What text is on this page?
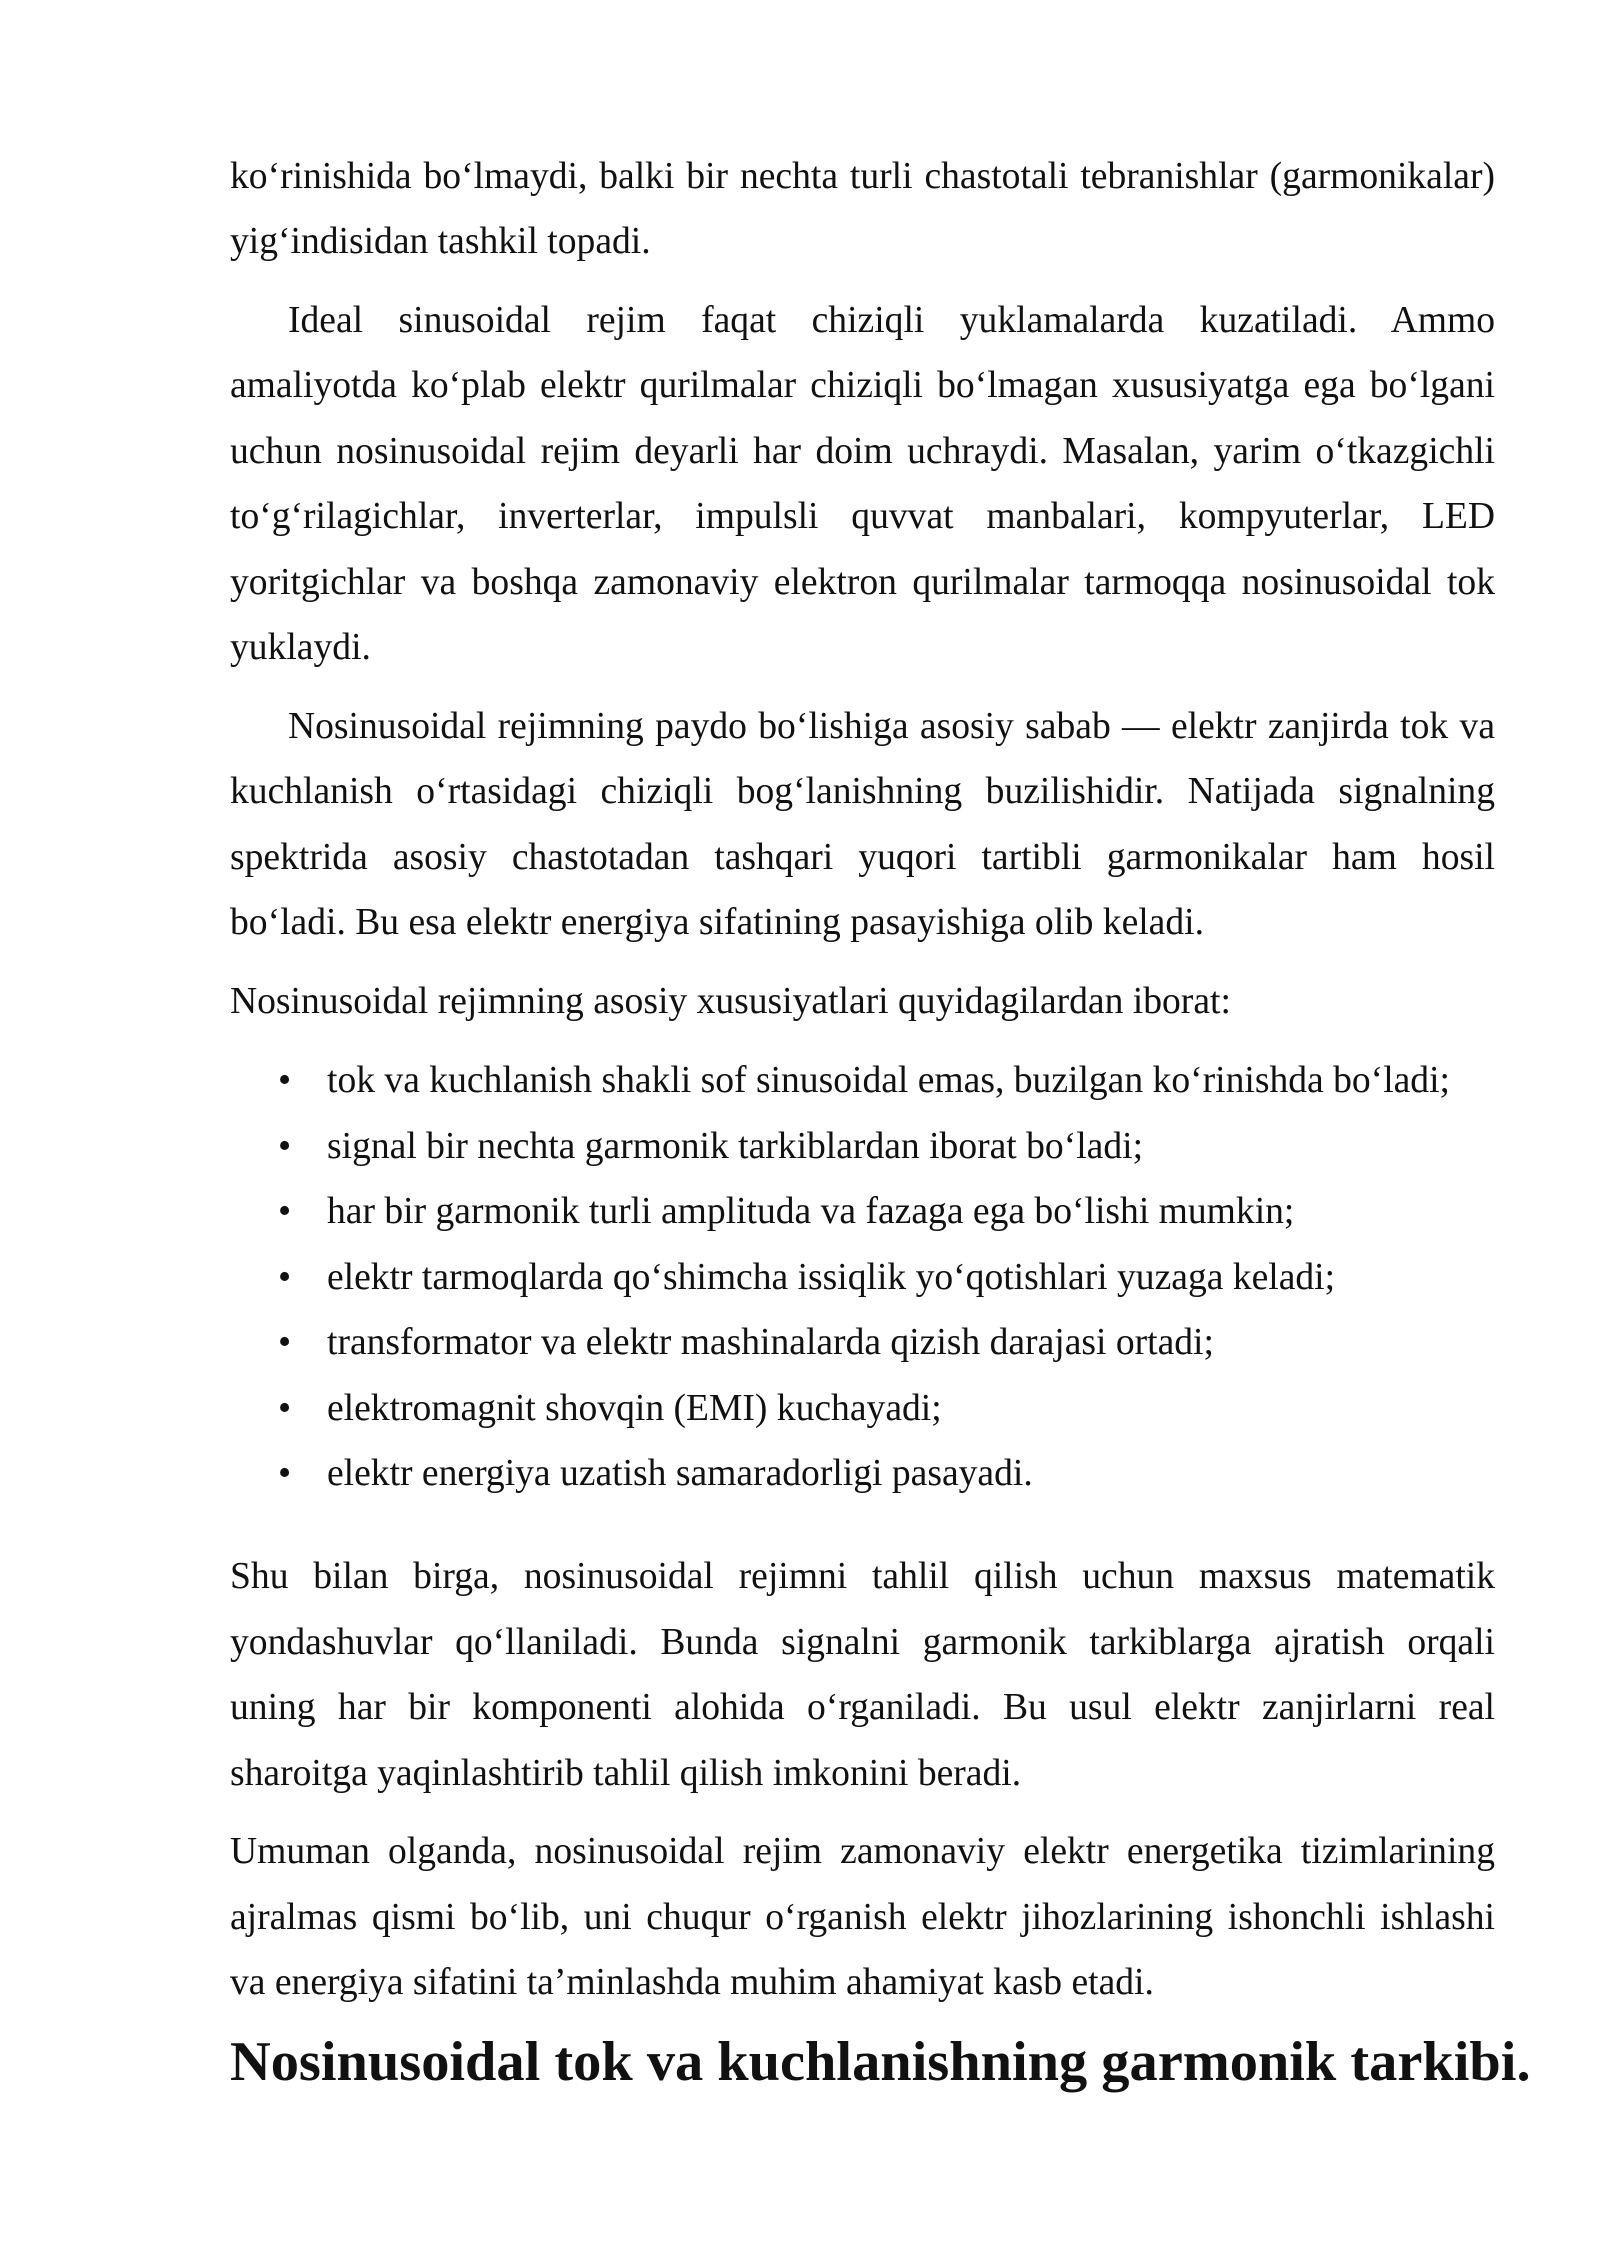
ko‘rinishida bo‘lmaydi, balki bir nechta turli chastotali tebranishlar (garmonikalar)
yig‘indisidan tashkil topadi.
Ideal sinusoidal rejim faqat chiziqli yuklamalarda kuzatiladi. Ammo
amaliyotda ko‘plab elektr qurilmalar chiziqli bo‘lmagan xususiyatga ega bo‘lgani
uchun nosinusoidal rejim deyarli har doim uchraydi. Masalan, yarim o‘tkazgichli
to‘g‘rilagichlar, inverterlar, impulsli quvvat manbalari, kompyuterlar, LED
yoritgichlar va boshqa zamonaviy elektron qurilmalar tarmoqqa nosinusoidal tok
yuklaydi.
Nosinusoidal rejimning paydo bo‘lishiga asosiy sabab — elektr zanjirda tok va
kuchlanish o‘rtasidagi chiziqli bog‘lanishning buzilishidir. Natijada signalning
spektrida asosiy chastotadan tashqari yuqori tartibli garmonikalar ham hosil
bo‘ladi. Bu esa elektr energiya sifatining pasayishiga olib keladi.
Nosinusoidal rejimning asosiy xususiyatlari quyidagilardan iborat:
• tok va kuchlanish shakli sof sinusoidal emas, buzilgan ko‘rinishda bo‘ladi;
• signal bir nechta garmonik tarkiblardan iborat bo‘ladi;
• har bir garmonik turli amplituda va fazaga ega bo‘lishi mumkin;
• elektr tarmoqlarda qo‘shimcha issiqlik yo‘qotishlari yuzaga keladi;
• transformator va elektr mashinalarda qizish darajasi ortadi;
• elektromagnit shovqin (EMI) kuchayadi;
• elektr energiya uzatish samaradorligi pasayadi.
Shu bilan birga, nosinusoidal rejimni tahlil qilish uchun maxsus matematik
yondashuvlar qo‘llaniladi. Bunda signalni garmonik tarkiblarga ajratish orqali
uning har bir komponenti alohida o‘rganiladi. Bu usul elektr zanjirlarni real
sharoitga yaqinlashtirib tahlil qilish imkonini beradi.
Umuman olganda, nosinusoidal rejim zamonaviy elektr energetika tizimlarining
ajralmas qismi bo‘lib, uni chuqur o‘rganish elektr jihozlarining ishonchli ishlashi
va energiya sifatini ta’minlashda muhim ahamiyat kasb etadi.
Nosinusoidal tok va kuchlanishning garmonik tarkibi.
